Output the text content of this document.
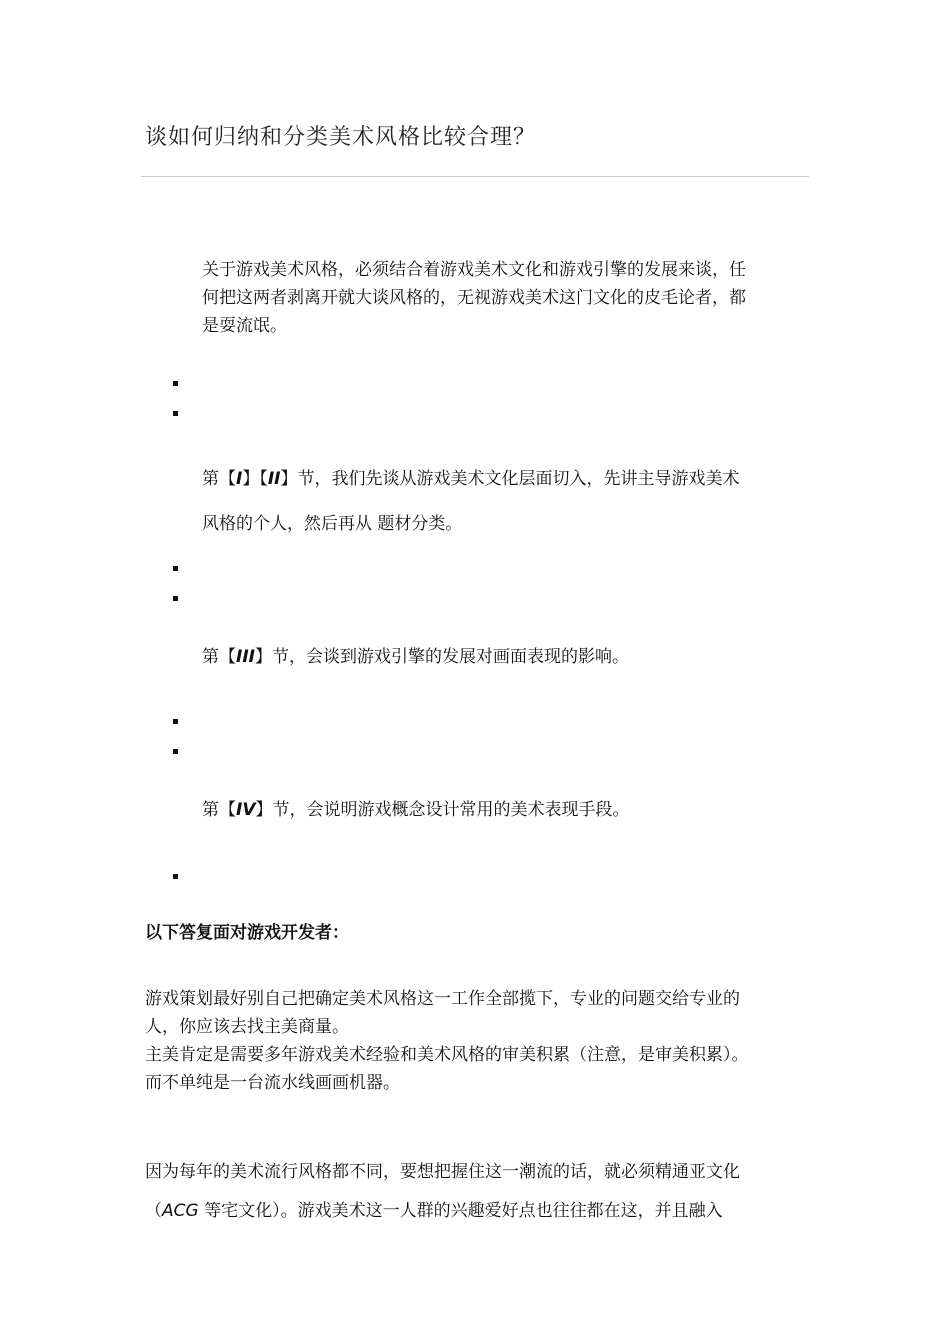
谈如何归纳和分类美术风格比较合理？
关于游戏美术风格，必须结合着游戏美术文化和游戏引擎的发展来谈，任
何把这两者剥离开就大谈风格的，无视游戏美术这门文化的皮毛论者，都
是耍流氓。
第【I】【II】节，我们先谈从游戏美术文化层面切入，先讲主导游戏美术
风格的个人，然后再从 题材分类。
第【III】节，会谈到游戏引擎的发展对画面表现的影响。
第【IV】节，会说明游戏概念设计常用的美术表现手段。
以下答复面对游戏开发者：
游戏策划最好别自己把确定美术风格这一工作全部揽下，专业的问题交给专业的
人，你应该去找主美商量。
主美肯定是需要多年游戏美术经验和美术风格的审美积累（注意，是审美积累）。
而不单纯是一台流水线画画机器。
因为每年的美术流行风格都不同，要想把握住这一潮流的话，就必须精通亚文化
（ACG 等宅文化）。游戏美术这一人群的兴趣爱好点也往往都在这，并且融入
